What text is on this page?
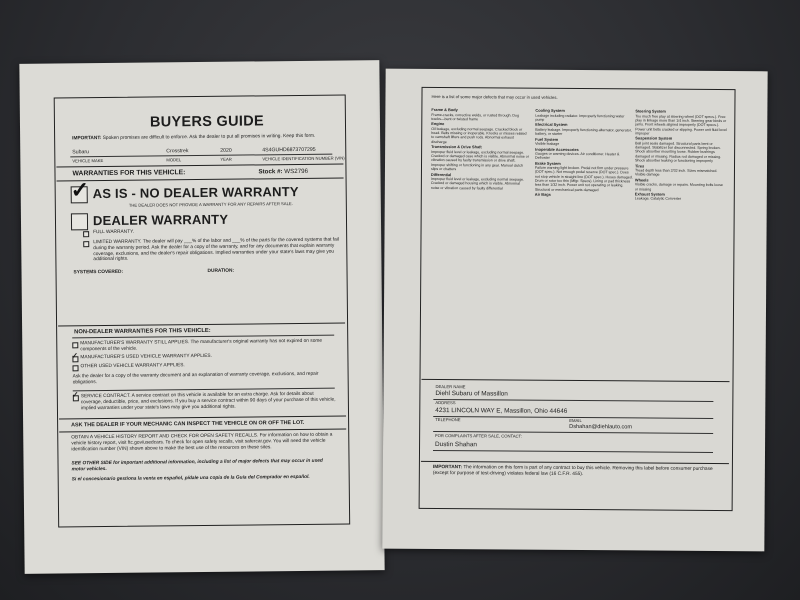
BUYERS GUIDE
IMPORTANT: Spoken promises are difficult to enforce. Ask the dealer to put all promises in writing. Keep this form.
Subaru	Crosstrek	2020	4S4GUHD6873707295
VEHICLE MAKE	MODEL	YEAR	VEHICLE IDENTIFICATION NUMBER (VIN)
WARRANTIES FOR THIS VEHICLE:	Stock #: WS2796
✓ AS IS - NO DEALER WARRANTY
THE DEALER DOES NOT PROVIDE A WARRANTY FOR ANY REPAIRS AFTER SALE.
DEALER WARRANTY
FULL WARRANTY.
LIMITED WARRANTY. The dealer will pay ___% of the labor and ___% of the parts for the covered systems that fail during the warranty period. Ask the dealer for a copy of the warranty, and for any documents that explain warranty coverage, exclusions, and the dealer's repair obligations. Implied warranties under your state's laws may give you additional rights.
SYSTEMS COVERED:	DURATION:
NON-DEALER WARRANTIES FOR THIS VEHICLE:
MANUFACTURER'S WARRANTY STILL APPLIES. The manufacturer's original warranty has not expired on some components of the vehicle.
✓ MANUFACTURER'S USED VEHICLE WARRANTY APPLIES.
OTHER USED VEHICLE WARRANTY APPLIES.
Ask the dealer for a copy of the warranty document and an explanation of warranty coverage, exclusions, and repair obligations.
✓ SERVICE CONTRACT. A service contract on this vehicle is available for an extra charge. Ask for details about coverage, deductible, price, and exclusions. If you buy a service contract within 90 days of your purchase of this vehicle, implied warranties under your state's laws may give you additional rights.
ASK THE DEALER IF YOUR MECHANIC CAN INSPECT THE VEHICLE ON OR OFF THE LOT.
OBTAIN A VEHICLE HISTORY REPORT AND CHECK FOR OPEN SAFETY RECALLS. For information on how to obtain a vehicle history report, visit ftc.gov/usedcars. To check for open safety recalls, visit safercar.gov. You will need the vehicle identification number (VIN) shown above to make the best use of the resources on these sites.
SEE OTHER SIDE for important additional information, including a list of major defects that may occur in used motor vehicles.
Si el concesionario gestiona la venta en español, pídale una copia de la Guía del Comprador en español.
Here is a list of some major defects that may occur in used vehicles.
Frame & Body
Frame-cracks, corrective welds, or rusted through. Dog tracks—bent or twisted frame
Engine
Oil leakage, excluding normal seepage. Cracked block or head. Belts missing or inoperable. Knocks or misses related to camshaft lifters and push rods. Abnormal exhaust discharge
Transmission & Drive Shaft
Improper fluid level or leakage, excluding normal seepage. Cracked or damaged case which is visible. Abnormal noise or vibration caused by faulty transmission or drive shaft. Improper shifting or functioning in any gear. Manual clutch slips or chatters
Differential
Improper fluid level or leakage, excluding normal seepage. Cracked or damaged housing which is visible. Abnormal noise or vibration caused by faulty differential
Cooling System
Leakage including radiator. Improperly functioning water pump
Electrical System
Battery leakage. Improperly functioning alternator, generator, battery, or starter
Fuel System
Visible leakage
Inoperable Accessories
Gauges or warning devices. Air conditioner. Heater & Defroster
Brake System
Failure warning light broken. Pedal not firm under pressure (DOT spec.). Not enough pedal reserve (DOT spec.). Does not stop vehicle in straight line (DOT spec.). Hoses damaged. Drum or rotor too thin (Mfgr. Specs). Lining or pad thickness less than 1/32 inch. Power unit not operating or leaking. Structural or mechanical parts damaged
Air Bags
Steering System
Too much free play at steering wheel (DOT specs.). Free play in linkage more than 1/4 inch. Steering gear binds or jams. Front wheels aligned improperly (DOT specs.). Power unit belts cracked or slipping. Power unit fluid level improper
Suspension System
Ball joint seals damaged. Structural parts bent or damaged. Stabilizer bar disconnected. Spring broken. Shock absorber mounting loose. Rubber bushings damaged or missing. Radius rod damaged or missing. Shock absorber leaking or functioning improperly
Tires
Tread depth less than 2/32 inch. Sizes mismatched. Visible damage
Wheels
Visible cracks, damage or repairs. Mounting bolts loose or missing
Exhaust System
Leakage. Catalytic Converter
DEALER NAME
Diehl Subaru of Massillon
ADDRESS
4231 LINCOLN WAY E, Massillon, Ohio 44646
TELEPHONE	EMAIL
Dshahan@diehlauto.com
FOR COMPLAINTS AFTER SALE, CONTACT:
Dustin Shahan
IMPORTANT: The information on this form is part of any contract to buy this vehicle. Removing this label before consumer purchase (except for purpose of test-driving) violates federal law (16 C.F.R. 455).
